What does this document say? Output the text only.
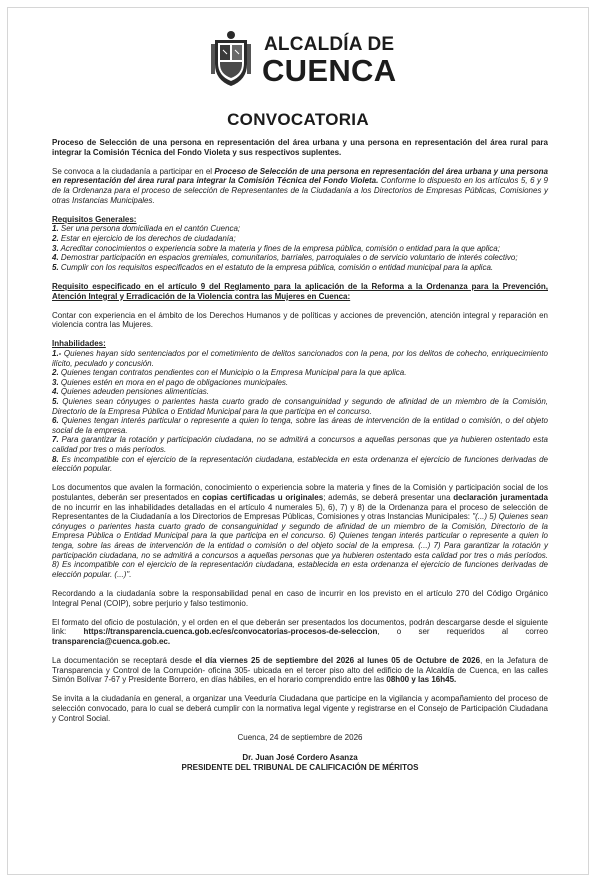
ALCALDÍA DE
CUENCA
CONVOCATORIA

Proceso de Selección de una persona en representación del área urbana y una persona en representación del área rural para integrar la Comisión Técnica del Fondo Violeta y sus respectivos suplentes.

Se convoca a la ciudadanía a participar en el Proceso de Selección de una persona en representación del área urbana y una persona en representación del área rural para integrar la Comisión Técnica del Fondo Violeta. Conforme lo dispuesto en los artículos 5, 6 y 9 de la Ordenanza para el proceso de selección de Representantes de la Ciudadanía a los Directorios de Empresas Públicas, Comisiones y otras Instancias Municipales.

Requisitos Generales:
1. Ser una persona domiciliada en el cantón Cuenca;
2. Estar en ejercicio de los derechos de ciudadanía;
3. Acreditar conocimientos o experiencia sobre la materia y fines de la empresa pública, comisión o entidad para la que aplica;
4. Demostrar participación en espacios gremiales, comunitarios, barriales, parroquiales o de servicio voluntario de interés colectivo;
5. Cumplir con los requisitos especificados en el estatuto de la empresa pública, comisión o entidad municipal para la aplica.

Requisito especificado en el artículo 9 del Reglamento para la aplicación de la Reforma a la Ordenanza para la Prevención, Atención Integral y Erradicación de la Violencia contra las Mujeres en Cuenca:

Contar con experiencia en el ámbito de los Derechos Humanos y de políticas y acciones de prevención, atención integral y reparación en violencia contra las Mujeres.

Inhabilidades:
1.- Quienes hayan sido sentenciados por el cometimiento de delitos sancionados con la pena, por los delitos de cohecho, enriquecimiento ilícito, peculado y concusión.
2. Quienes tengan contratos pendientes con el Municipio o la Empresa Municipal para la que aplica.
3. Quienes estén en mora en el pago de obligaciones municipales.
4. Quienes adeuden pensiones alimenticias.
5. Quienes sean cónyuges o parientes hasta cuarto grado de consanguinidad y segundo de afinidad de un miembro de la Comisión, Directorio de la Empresa Pública o Entidad Municipal para la que participa en el concurso.
6. Quienes tengan interés particular o represente a quien lo tenga, sobre las áreas de intervención de la entidad o comisión, o del objeto social de la empresa.
7. Para garantizar la rotación y participación ciudadana, no se admitirá a concursos a aquellas personas que ya hubieren ostentado esta calidad por tres o más períodos.
8. Es incompatible con el ejercicio de la representación ciudadana, establecida en esta ordenanza el ejercicio de funciones derivadas de elección popular.

Los documentos que avalen la formación, conocimiento o experiencia sobre la materia y fines de la Comisión y participación social de los postulantes, deberán ser presentados en copias certificadas u originales; además, se deberá presentar una declaración juramentada de no incurrir en las inhabilidades detalladas en el artículo 4 numerales 5), 6), 7) y 8) de la Ordenanza para el proceso de selección de Representantes de la Ciudadanía a los Directorios de Empresas Públicas, Comisiones y otras Instancias Municipales: "(...) 5) Quienes sean cónyuges o parientes hasta cuarto grado de consanguinidad y segundo de afinidad de un miembro de la Comisión, Directorio de la Empresa Pública o Entidad Municipal para la que participa en el concurso. 6) Quienes tengan interés particular o represente a quien lo tenga, sobre las áreas de intervención de la entidad o comisión o del objeto social de la empresa. (...) 7) Para garantizar la rotación y participación ciudadana, no se admitirá a concursos a aquellas personas que ya hubieren ostentado esta calidad por tres o más períodos. 8) Es incompatible con el ejercicio de la representación ciudadana, establecida en esta ordenanza el ejercicio de funciones derivadas de elección popular. (...)".

Recordando a la ciudadanía sobre la responsabilidad penal en caso de incurrir en los previsto en el artículo 270 del Código Orgánico Integral Penal (COIP), sobre perjurio y falso testimonio.

El formato del oficio de postulación, y el orden en el que deberán ser presentados los documentos, podrán descargarse desde el siguiente link: https://transparencia.cuenca.gob.ec/es/convocatorias-procesos-de-seleccion, o ser requeridos al correo transparencia@cuenca.gob.ec.

La documentación se receptará desde el día viernes 25 de septiembre del 2026 al lunes 05 de Octubre de 2026, en la Jefatura de Transparencia y Control de la Corrupción- oficina 305- ubicada en el tercer piso alto del edificio de la Alcaldía de Cuenca, en las calles Simón Bolívar 7-67 y Presidente Borrero, en días hábiles, en el horario comprendido entre las 08h00 y las 16h45.

Se invita a la ciudadanía en general, a organizar una Veeduría Ciudadana que participe en la vigilancia y acompañamiento del proceso de selección convocado, para lo cual se deberá cumplir con la normativa legal vigente y registrarse en el Consejo de Participación Ciudadana y Control Social.

Cuenca, 24 de septiembre de 2026

Dr. Juan José Cordero Asanza
PRESIDENTE DEL TRIBUNAL DE CALIFICACIÓN DE MÉRITOS
